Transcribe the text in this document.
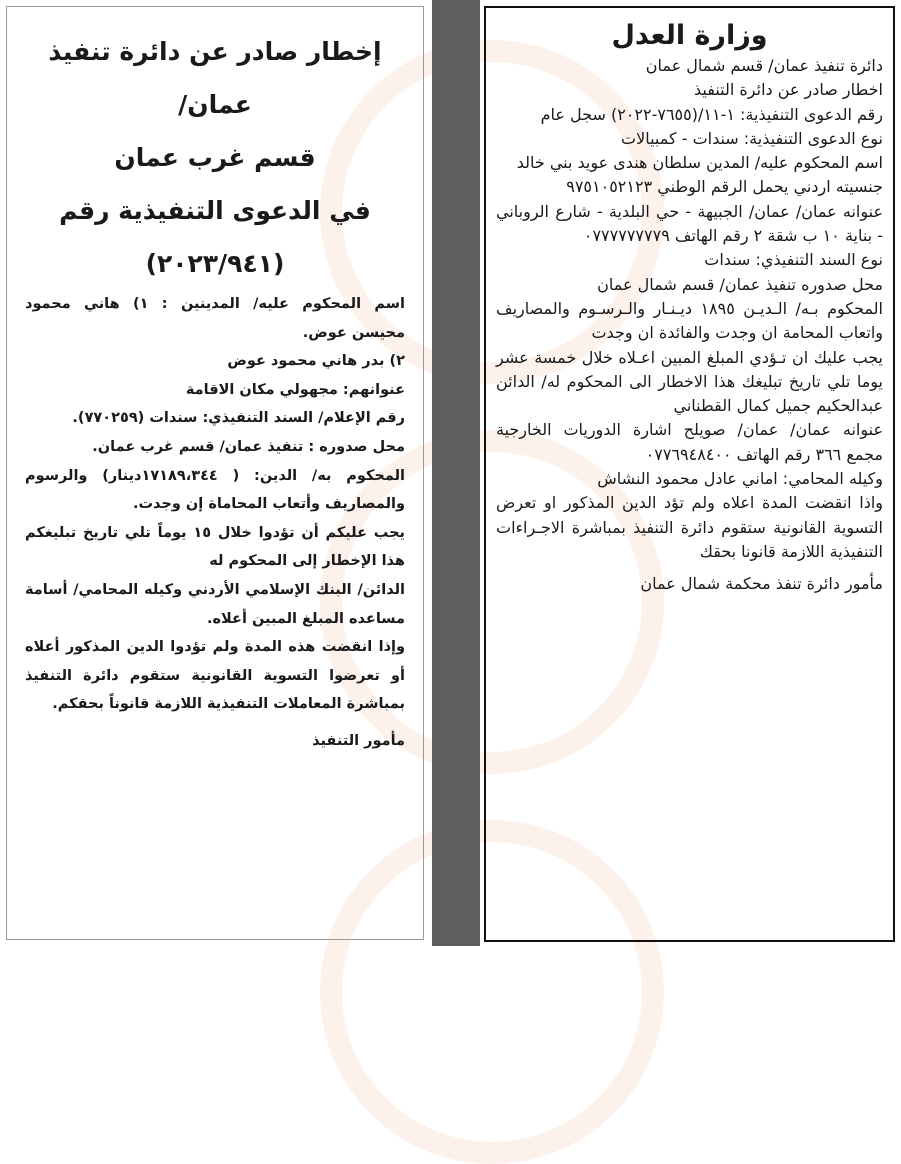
إخطار صادر عن دائرة تنفيذ عمان/
قسم غرب عمان
في الدعوى التنفيذية رقم
(٢٠٢٣/٩٤١)

اسم المحكوم عليه/ المدينين : ١) هاني محمود محيسن عوض.

٢) بدر هاني محمود عوض

عنوانهم: مجهولي مكان الاقامة

رقم الإعلام/ السند التنفيذي: سندات (٧٧٠٢٥٩).

محل صدوره : تنفيذ عمان/ قسم غرب عمان.

المحكوم به/ الدين: ( ١٧١٨٩،٣٤٤دينار) والرسوم والمصاريف وأتعاب المحاماة إن وجدت.

يجب عليكم أن تؤدوا خلال ١٥ يوماً تلي تاريخ تبليغكم هذا الإخطار إلى المحكوم له

الدائن/ البنك الإسلامي الأردني وكيله المحامي/ أسامة مساعده المبلغ المبين أعلاه.

وإذا انقضت هذه المدة ولم تؤدوا الدين المذكور أعلاه أو تعرضوا التسوية القانونية ستقوم دائرة التنفيذ بمباشرة المعاملات التنفيذية اللازمة قانوناً بحقكم.

مأمور التنفيذ

وزارة العدل

دائرة تنفيذ عمان/ قسم شمال عمان

اخطار صادر عن دائرة التنفيذ

رقم الدعوى التنفيذية: ١-١١/(٧٦٥٥-٢٠٢٢) سجل عام

نوع الدعوى التنفيذية: سندات - كمبيالات

اسم المحكوم عليه/ المدين سلطان هندى عويد بني خالد

جنسيته اردني يحمل الرقم الوطني ٩٧٥١٠٥٢١٢٣

عنوانه عمان/ عمان/ الجبيهة - حي البلدية - شارع الروباني - بناية ١٠ ب شقة ٢ رقم الهاتف ٠٧٧٧٧٧٧٧٧٩

نوع السند التنفيذي: سندات

محل صدوره تنفيذ عمان/ قسم شمال عمان

المحكوم بـه/ الـديـن ١٨٩٥ ديـنـار والـرسـوم والمصاريف واتعاب المحامة ان وجدت والفائدة ان وجدت

يجب عليك ان تـؤدي المبلغ المبين اعـلاه خلال خمسة عشر يوما تلي تاريخ تبليغك هذا الاخطار الى المحكوم له/ الدائن عبدالحكيم جميل كمال القطناني

عنوانه عمان/ عمان/ صويلح اشارة الدوريات الخارجية مجمع ٣٦٦ رقم الهاتف ٠٧٧٦٩٤٨٤٠٠

وكيله المحامي: اماني عادل محمود النشاش

واذا انقضت المدة اعلاه ولم تؤد الدين المذكور او تعرض التسوية القانونية ستقوم دائرة التنفيذ بمباشرة الاجـراءات التنفيذية اللازمة قانونا بحقك

مأمور دائرة تنفذ محكمة شمال عمان
